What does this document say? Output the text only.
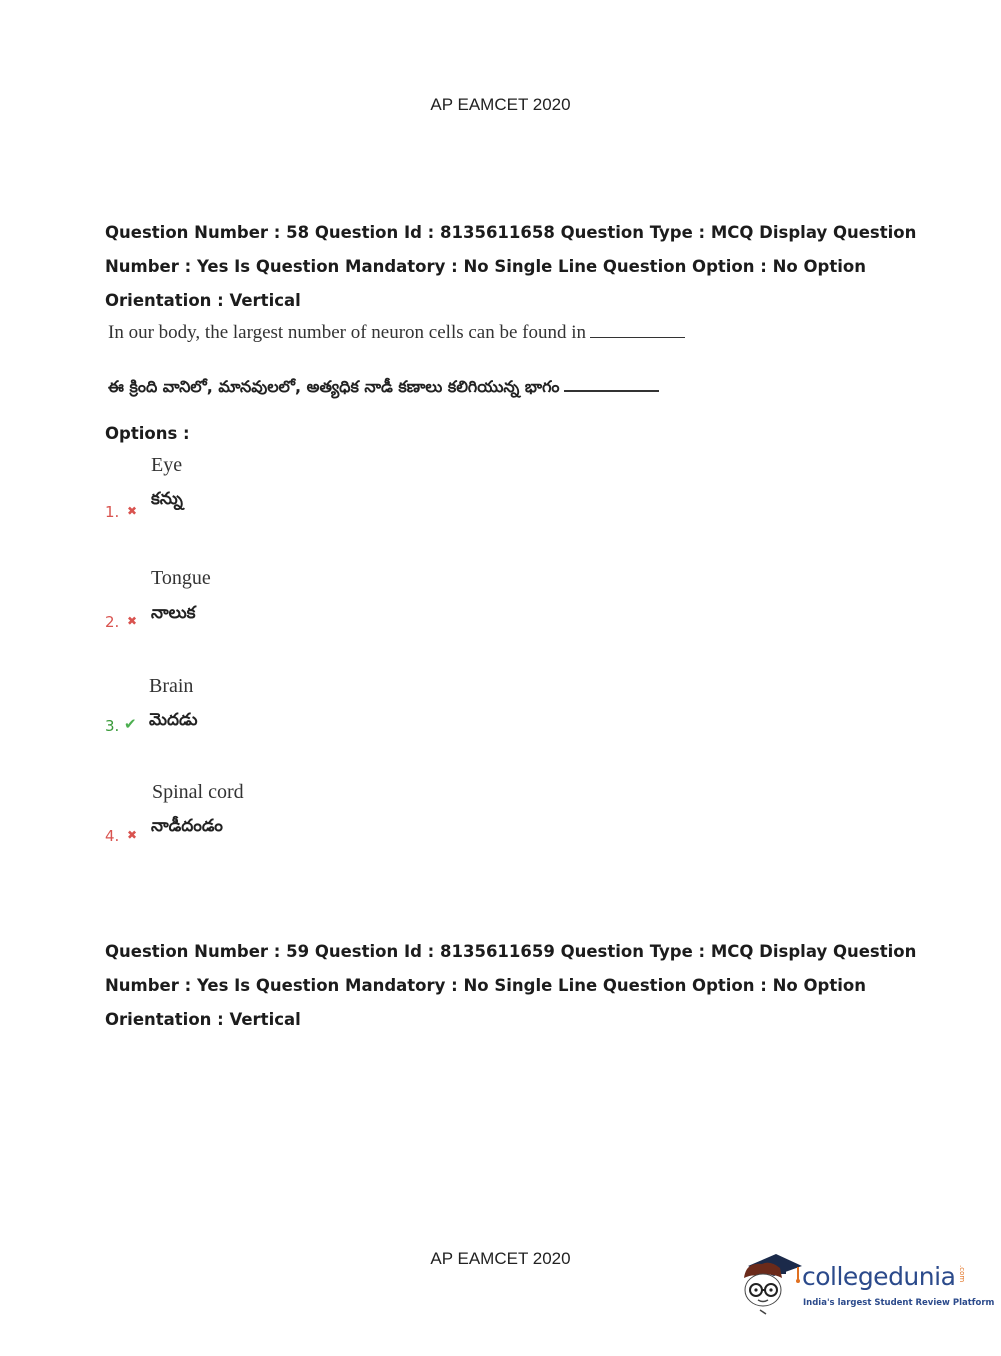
AP EAMCET 2020
Question Number : 58 Question Id : 8135611658 Question Type : MCQ Display Question
Number : Yes Is Question Mandatory : No Single Line Question Option : No Option
Orientation : Vertical
In our body, the largest number of neuron cells can be found in
ఈ క్రింది వానిలో, మానవులలో, అత్యధిక నాడీ కణాలు కలిగియున్న భాగం
Options :
Eye
కన్ను
1. ✖
Tongue
నాలుక
2. ✖
Brain
మెదడు
3. ✔
Spinal cord
నాడీదండం
4. ✖
Question Number : 59 Question Id : 8135611659 Question Type : MCQ Display Question
Number : Yes Is Question Mandatory : No Single Line Question Option : No Option
Orientation : Vertical
AP EAMCET 2020
collegedunia .com
India's largest Student Review Platform
